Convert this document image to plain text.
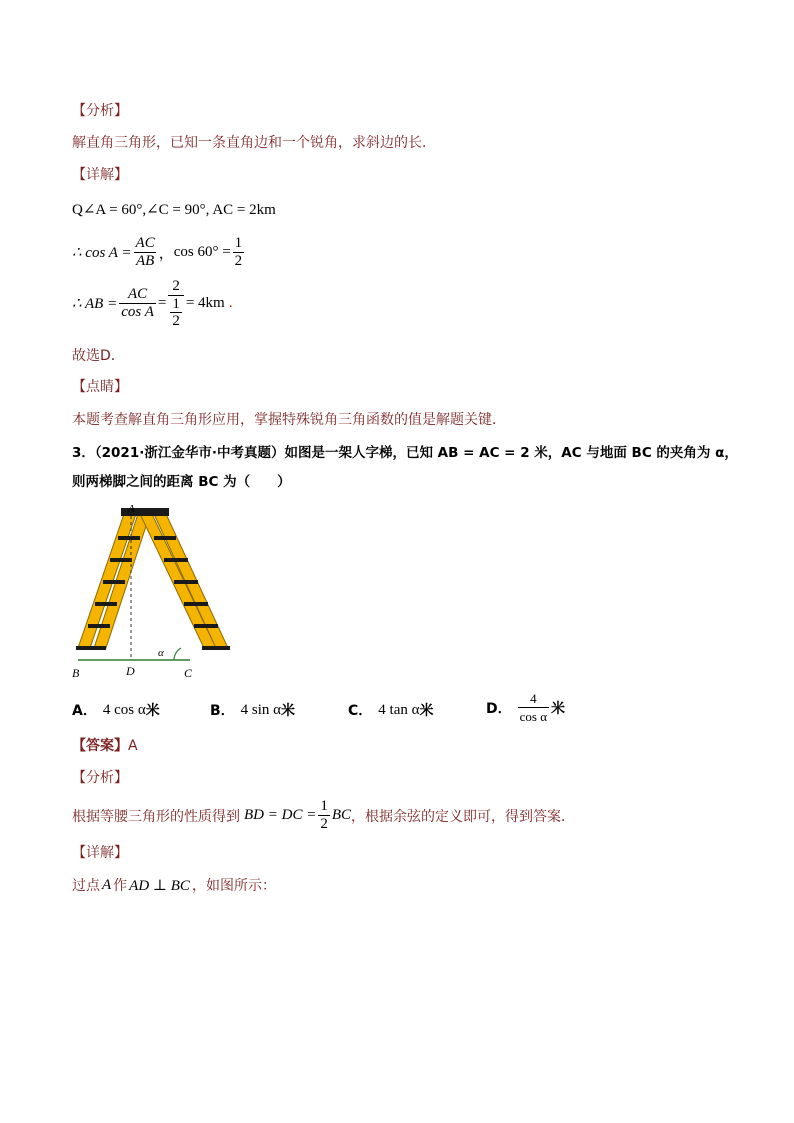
【分析】
解直角三角形，已知一条直角边和一个锐角，求斜边的长．
【详解】
Q∠A = 60°,∠C = 90°, AC = 2km
∴ $\cos A = \frac{AC}{AB}$ ， $\cos 60^\circ = \frac{1}{2}$
∴ AB = $\frac{AC}{\text{cos A}} = \frac{2}{\frac{1}{2}} = 4km$ .
故选D．
【点睛】
本题考查解直角三角形应用，掌握特殊锐角三角函数的值是解题关键．
3．（2021·浙江金华市·中考真题）如图是一架人字梯，已知 AB = AC = 2 米，AC 与地面 BC 的夹角为 α，
则两梯脚之间的距离 BC 为（　　）
A
B	D	C
α
A． 4 cos α 米	B． 4 sin α 米	C． 4 tan α 米	D． $\frac{4}{\text{cos α}}$ 米
【答案】 A
【分析】
根据等腰三角形的性质得到 BD = DC = $\frac{1}{2}$ BC ，根据余弦的定义即可，得到答案．
【详解】
过点 A 作 AD ⊥ BC ，如图所示：
